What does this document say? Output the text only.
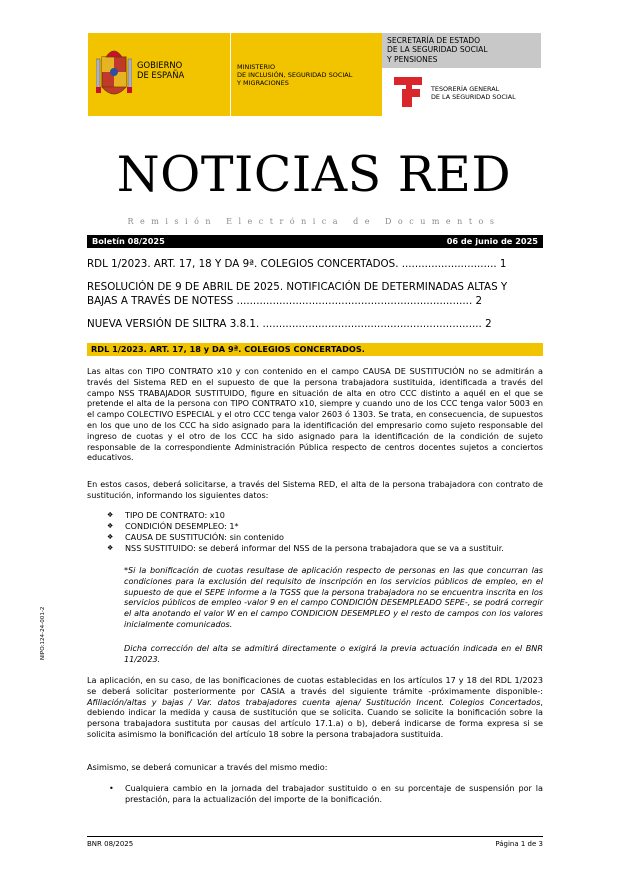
GOBIERNO
DE ESPAÑA
MINISTERIO
DE INCLUSIÓN, SEGURIDAD SOCIAL
Y MIGRACIONES
SECRETARÍA DE ESTADO
DE LA SEGURIDAD SOCIAL
Y PENSIONES
TESORERÍA GENERAL
DE LA SEGURIDAD SOCIAL
NOTICIAS RED
Remisión Electrónica de Documentos
Boletín 08/2025	06 de junio de 2025
RDL 1/2023. ART. 17, 18 Y DA 9ª. COLEGIOS CONCERTADOS. ............................. 1
RESOLUCIÓN DE 9 DE ABRIL DE 2025. NOTIFICACIÓN DE DETERMINADAS ALTAS Y
BAJAS A TRAVÉS DE NOTESS ........................................................................ 2
NUEVA VERSIÓN DE SILTRA 3.8.1. ................................................................... 2
RDL 1/2023. ART. 17, 18 y DA 9ª. COLEGIOS CONCERTADOS.
Las altas con TIPO CONTRATO x10 y con contenido en el campo CAUSA DE SUSTITUCIÓN no se admitirán a través del Sistema RED en el supuesto de que la persona trabajadora sustituida, identificada a través del campo NSS TRABAJADOR SUSTITUIDO, figure en situación de alta en otro CCC distinto a aquél en el que se pretende el alta de la persona con TIPO CONTRATO x10, siempre y cuando uno de los CCC tenga valor 5003 en el campo COLECTIVO ESPECIAL y el otro CCC tenga valor 2603 ó 1303. Se trata, en consecuencia, de supuestos en los que uno de los CCC ha sido asignado para la identificación del empresario como sujeto responsable del ingreso de cuotas y el otro de los CCC ha sido asignado para la identificación de la condición de sujeto responsable de la correspondiente Administración Pública respecto de centros docentes sujetos a conciertos educativos.
En estos casos, deberá solicitarse, a través del Sistema RED, el alta de la persona trabajadora con contrato de sustitución, informando los siguientes datos:
❖ TIPO DE CONTRATO: x10
❖ CONDICIÓN DESEMPLEO: 1*
❖ CAUSA DE SUSTITUCIÓN: sin contenido
❖ NSS SUSTITUIDO: se deberá informar del NSS de la persona trabajadora que se va a sustituir.
*Si la bonificación de cuotas resultase de aplicación respecto de personas en las que concurran las condiciones para la exclusión del requisito de inscripción en los servicios públicos de empleo, en el supuesto de que el SEPE informe a la TGSS que la persona trabajadora no se encuentra inscrita en los servicios públicos de empleo -valor 9 en el campo CONDICIÓN DESEMPLEADO SEPE-, se podrá corregir el alta anotando el valor W en el campo CONDICION DESEMPLEO y el resto de campos con los valores inicialmente comunicados.
Dicha corrección del alta se admitirá directamente o exigirá la previa actuación indicada en el BNR 11/2023.
La aplicación, en su caso, de las bonificaciones de cuotas establecidas en los artículos 17 y 18 del RDL 1/2023 se deberá solicitar posteriormente por CASIA a través del siguiente trámite -próximamente disponible-: Afiliación/altas y bajas / Var. datos trabajadores cuenta ajena/ Sustitución Incent. Colegios Concertados, debiendo indicar la medida y causa de sustitución que se solicita. Cuando se solicite la bonificación sobre la persona trabajadora sustituta por causas del artículo 17.1.a) o b), deberá indicarse de forma expresa si se solicita asimismo la bonificación del artículo 18 sobre la persona trabajadora sustituida.
Asimismo, se deberá comunicar a través del mismo medio:
• Cualquiera cambio en la jornada del trabajador sustituido o en su porcentaje de suspensión por la prestación, para la actualización del importe de la bonificación.
NIPO:124-24-001-2
BNR 08/2025	Página 1 de 3
